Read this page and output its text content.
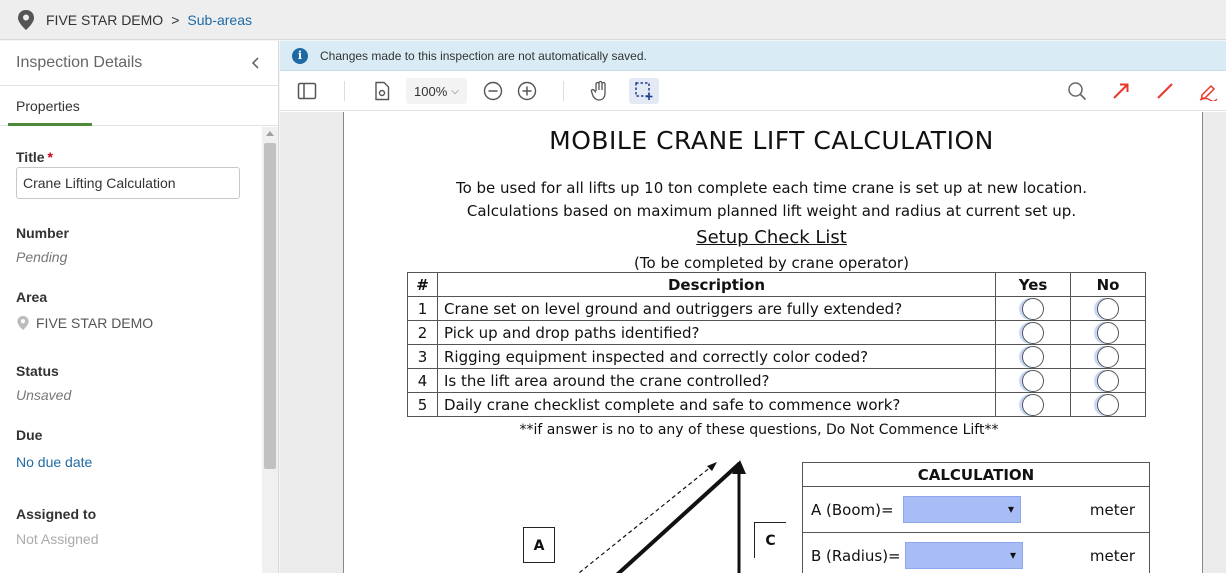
FIVE STAR DEMO > Sub-areas
Inspection Details
Properties
Title *
Crane Lifting Calculation
Number
Pending
Area
FIVE STAR DEMO
Status
Unsaved
Due
No due date
Assigned to
Not Assigned
i	Changes made to this inspection are not automatically saved.
100% ⌵
MOBILE CRANE LIFT CALCULATION
To be used for all lifts up 10 ton complete each time crane is set up at new location.
Calculations based on maximum planned lift weight and radius at current set up.
Setup Check List
(To be completed by crane operator)
#	Description	Yes	No
1	Crane set on level ground and outriggers are fully extended?		
2	Pick up and drop paths identified?		
3	Rigging equipment inspected and correctly color coded?		
4	Is the lift area around the crane controlled?		
5	Daily crane checklist complete and safe to commence work?		
**if answer is no to any of these questions, Do Not Commence Lift**
A	C
CALCULATION
A (Boom)=	▾	meter
B (Radius)=	▾	meter
